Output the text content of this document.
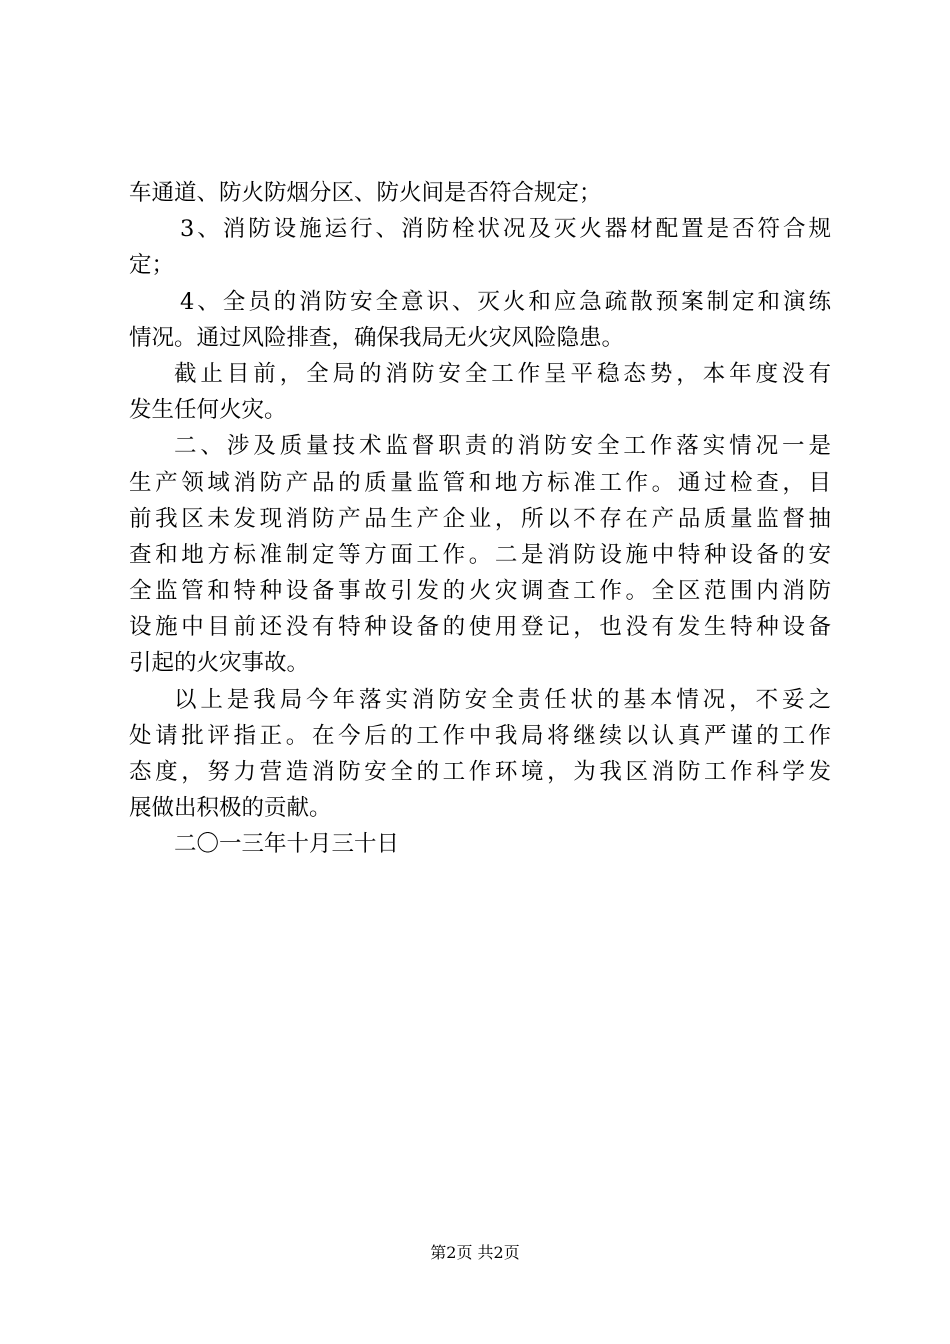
车通道、防火防烟分区、防火间是否符合规定；
3、消防设施运行、消防栓状况及灭火器材配置是否符合规
定；
4、全员的消防安全意识、灭火和应急疏散预案制定和演练
情况。通过风险排查，确保我局无火灾风险隐患。
截止目前，全局的消防安全工作呈平稳态势，本年度没有
发生任何火灾。
二、涉及质量技术监督职责的消防安全工作落实情况一是
生产领域消防产品的质量监管和地方标准工作。通过检查，目
前我区未发现消防产品生产企业，所以不存在产品质量监督抽
查和地方标准制定等方面工作。二是消防设施中特种设备的安
全监管和特种设备事故引发的火灾调查工作。全区范围内消防
设施中目前还没有特种设备的使用登记，也没有发生特种设备
引起的火灾事故。
以上是我局今年落实消防安全责任状的基本情况，不妥之
处请批评指正。在今后的工作中我局将继续以认真严谨的工作
态度，努力营造消防安全的工作环境，为我区消防工作科学发
展做出积极的贡献。
二〇一三年十月三十日
第2页 共2页
